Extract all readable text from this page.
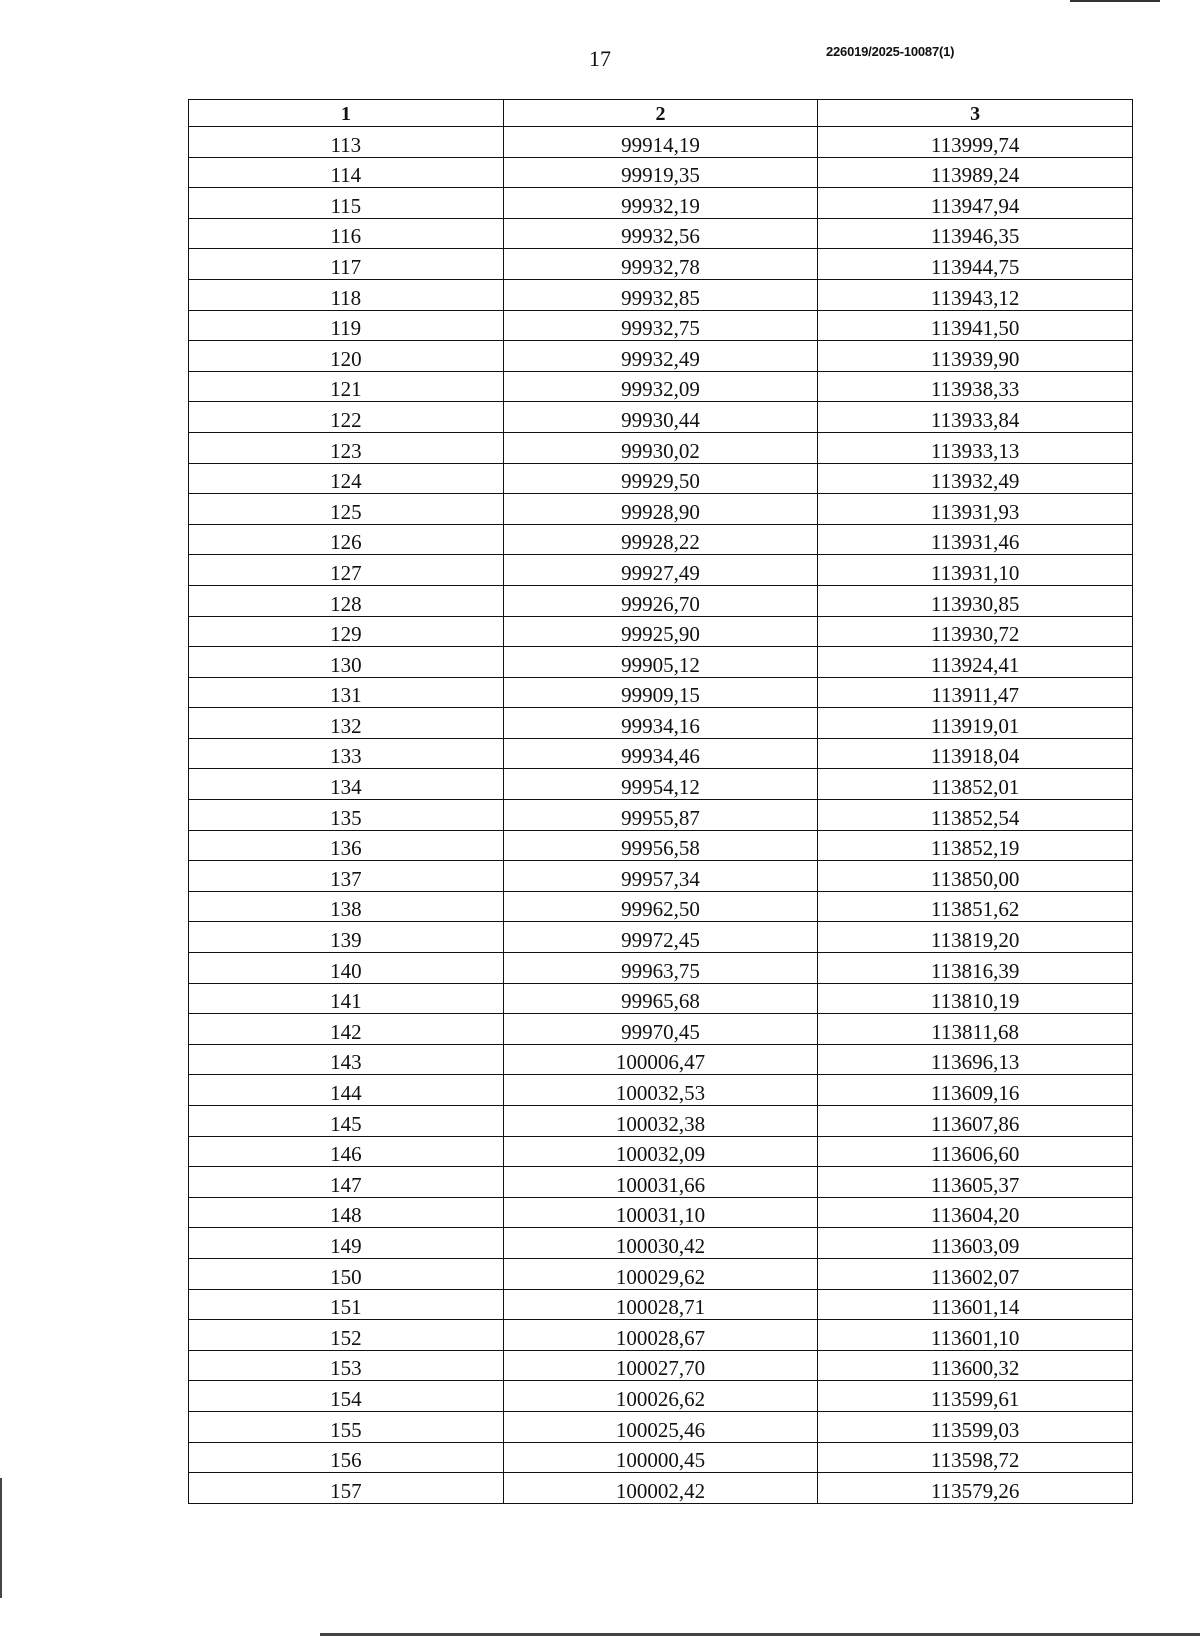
17	226019/2025-10087(1)
1	2	3
113	99914,19	113999,74
114	99919,35	113989,24
115	99932,19	113947,94
116	99932,56	113946,35
117	99932,78	113944,75
118	99932,85	113943,12
119	99932,75	113941,50
120	99932,49	113939,90
121	99932,09	113938,33
122	99930,44	113933,84
123	99930,02	113933,13
124	99929,50	113932,49
125	99928,90	113931,93
126	99928,22	113931,46
127	99927,49	113931,10
128	99926,70	113930,85
129	99925,90	113930,72
130	99905,12	113924,41
131	99909,15	113911,47
132	99934,16	113919,01
133	99934,46	113918,04
134	99954,12	113852,01
135	99955,87	113852,54
136	99956,58	113852,19
137	99957,34	113850,00
138	99962,50	113851,62
139	99972,45	113819,20
140	99963,75	113816,39
141	99965,68	113810,19
142	99970,45	113811,68
143	100006,47	113696,13
144	100032,53	113609,16
145	100032,38	113607,86
146	100032,09	113606,60
147	100031,66	113605,37
148	100031,10	113604,20
149	100030,42	113603,09
150	100029,62	113602,07
151	100028,71	113601,14
152	100028,67	113601,10
153	100027,70	113600,32
154	100026,62	113599,61
155	100025,46	113599,03
156	100000,45	113598,72
157	100002,42	113579,26
